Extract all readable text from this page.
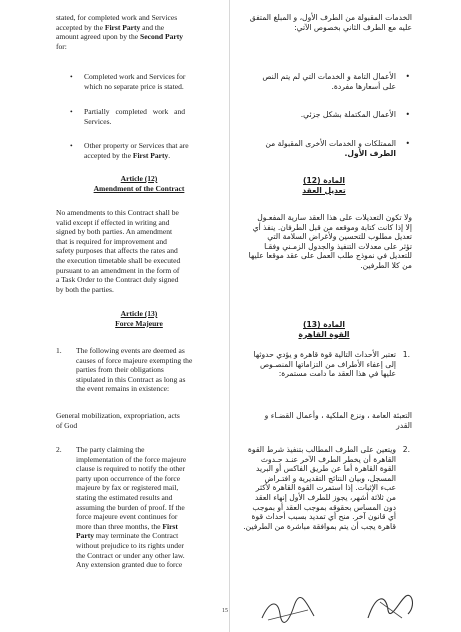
stated, for completed work and Services
accepted by the First Party and the
amount agreed upon by the Second Party
for:
• Completed work and Services for
which no separate price is stated.
• Partially completed work and
Services.
• Other property or Services that are
accepted by the First Party.
Article (12)
Amendment of the Contract
No amendments to this Contract shall be
valid except if effected in writing and
signed by both parties. An amendment
that is required for improvement and
safety purposes that affects the rates and
the execution timetable shall be executed
pursuant to an amendment in the form of
a Task Order to the Contract duly signed
by both the parties.
Article (13)
Force Majeure
1. The following events are deemed as
causes of force majeure exempting the
parties from their obligations
stipulated in this Contract as long as
the event remains in existence:
General mobilization, expropriation, acts
of God
2. The party claiming the
implementation of the force majeure
clause is required to notify the other
party upon occurrence of the force
majeure by fax or registered mail,
stating the estimated results and
assuming the burden of proof. If the
force majeure event continues for
more than three months, the First
Party may terminate the Contract
without prejudice to its rights under
the Contract or under any other law.
Any extension granted due to force
الخدمات المقبولة من الطرف الأول، و المبلغ المتفق
عليه مع الطرف الثاني بخصوص الآتي:
•
الأعمال التامة و الخدمات التي لم يتم النص
على أسعارها مفردة.
•
الأعمال المكتملة بشكل جزئي.
•
الممتلكات و الخدمات الأخرى المقبولة من
الطرف الأول.
المادة (12)
تعديل العقد
ولا تكون التعديلات على هذا العقد سارية المفعـول
إلا إذا كانت كتابة وموقعه من قبل الطرفان. ينفذ أي
تعديل مطلوب للتحسين ولأغراض السلامة التي
تؤثر على معدلات التنفيذ والجدول الزمـني وفقـا
للتعديل في نموذج طلب العمل على عقد موقعا عليها
من كلا الطرفين.
المادة (13)
القوة القاهرة
.1
تعتبر الأحداث التالية قوة قاهرة و يؤدي حدوثها
إلى إعفاء الأطراف من التزاماتها المنصـوص
عليها في هذا العقد ما دامت مستمرة:
التعبئة العامة ، ونزع الملكية ، وأعمال القضـاء و
القدر
.2
ويتعين على الطرف المطالب بتنفيذ شرط القوة
القاهرة أن يخطر الطرف الآخر عنـد حـدوث
القوة القاهرة أما عن طريق الفاكس أو البريد
المسجل، وبيان النتائج التقديرية و افتـراض
عبء الإثبات. إذا استمرت القوة القاهرة لأكثر
من ثلاثة أشهر، يجوز للطرف الأول إنهاء العقد
دون المساس بحقوقه بموجب العقد أو بموجب
أي قانون آخر. منح أي تمديد بسبب أحداث قوة
قاهرة يجب أن يتم بموافقة مباشرة من الطرفين.
15
